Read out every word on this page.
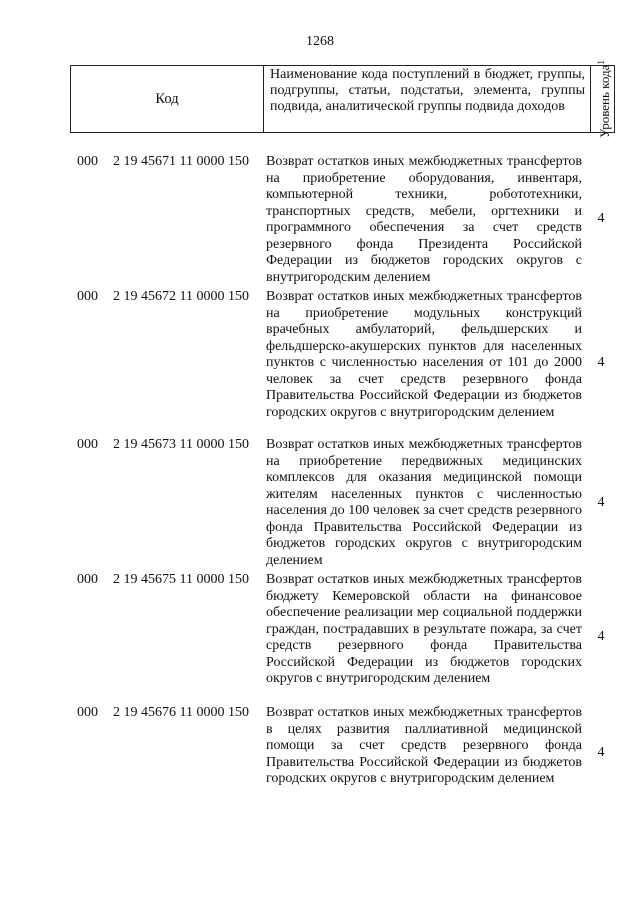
1268
Код
Наименование кода поступлений в бюджет, группы, подгруппы, статьи, подстатьи, элемента, группы подвида, аналитической группы подвида доходов	Уровень кода$^1$
000 2 19 45671 11 0000 150 Возврат остатков иных межбюджетных трансфертов на приобретение оборудования, инвентаря, компьютерной техники, робототехники, транспортных средств, мебели, оргтехники и программного обеспечения за счет средств резервного фонда Президента Российской Федерации из бюджетов городских округов с внутригородским делением
4
000 2 19 45672 11 0000 150 Возврат остатков иных межбюджетных трансфертов на приобретение модульных конструкций врачебных амбулаторий, фельдшерских и фельдшерско-акушерских пунктов для населенных пунктов с численностью населения от 101 до 2000 человек за счет средств резервного фонда Правительства Российской Федерации из бюджетов городских округов с внутригородским делением
4
000 2 19 45673 11 0000 150 Возврат остатков иных межбюджетных трансфертов на приобретение передвижных медицинских комплексов для оказания медицинской помощи жителям населенных пунктов с численностью населения до 100 человек за счет средств резервного фонда Правительства Российской Федерации из бюджетов городских округов с внутригородским делением
4
000 2 19 45675 11 0000 150 Возврат остатков иных межбюджетных трансфертов бюджету Кемеровской области на финансовое обеспечение реализации мер социальной поддержки граждан, пострадавших в результате пожара, за счет средств резервного фонда Правительства Российской Федерации из бюджетов городских округов с внутригородским делением
4
000 2 19 45676 11 0000 150 Возврат остатков иных межбюджетных трансфертов в целях развития паллиативной медицинской помощи за счет средств резервного фонда Правительства Российской Федерации из бюджетов городских округов с внутригородским делением
4
